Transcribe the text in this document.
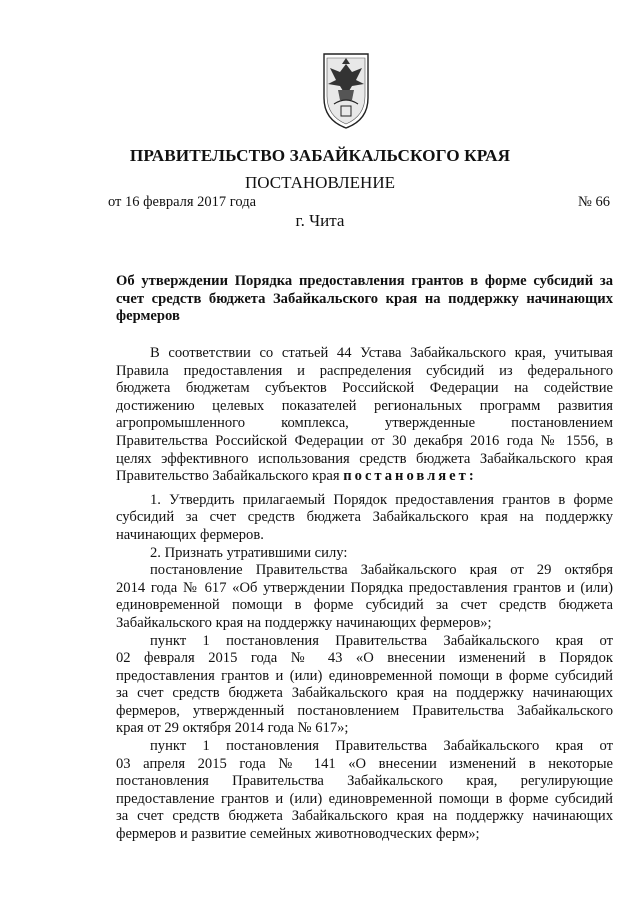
ПРАВИТЕЛЬСТВО ЗАБАЙКАЛЬСКОГО КРАЯ
ПОСТАНОВЛЕНИЕ
от 16 февраля 2017 года	№ 66
г. Чита
Об утверждении Порядка предоставления грантов в форме субсидий за
счет средств бюджета Забайкальского края на поддержку начинающих
фермеров
В соответствии со статьей 44 Устава Забайкальского края, учитывая
Правила предоставления и распределения субсидий из федерального
бюджета бюджетам субъектов Российской Федерации на содействие
достижению целевых показателей региональных программ развития
агропромышленного комплекса, утвержденные постановлением
Правительства Российской Федерации от 30 декабря 2016 года № 1556, в
целях эффективного использования средств бюджета Забайкальского края
Правительство Забайкальского края постановляет:
1. Утвердить прилагаемый Порядок предоставления грантов в форме
субсидий за счет средств бюджета Забайкальского края на поддержку
начинающих фермеров.
2. Признать утратившими силу:
постановление Правительства Забайкальского края от 29 октября
2014 года № 617 «Об утверждении Порядка предоставления грантов и (или)
единовременной помощи в форме субсидий за счет средств бюджета
Забайкальского края на поддержку начинающих фермеров»;
пункт 1 постановления Правительства Забайкальского края от
02 февраля 2015 года № 43 «О внесении изменений в Порядок
предоставления грантов и (или) единовременной помощи в форме субсидий
за счет средств бюджета Забайкальского края на поддержку начинающих
фермеров, утвержденный постановлением Правительства Забайкальского
края от 29 октября 2014 года № 617»;
пункт 1 постановления Правительства Забайкальского края от
03 апреля 2015 года № 141 «О внесении изменений в некоторые
постановления Правительства Забайкальского края, регулирующие
предоставление грантов и (или) единовременной помощи в форме субсидий
за счет средств бюджета Забайкальского края на поддержку начинающих
фермеров и развитие семейных животноводческих ферм»;
